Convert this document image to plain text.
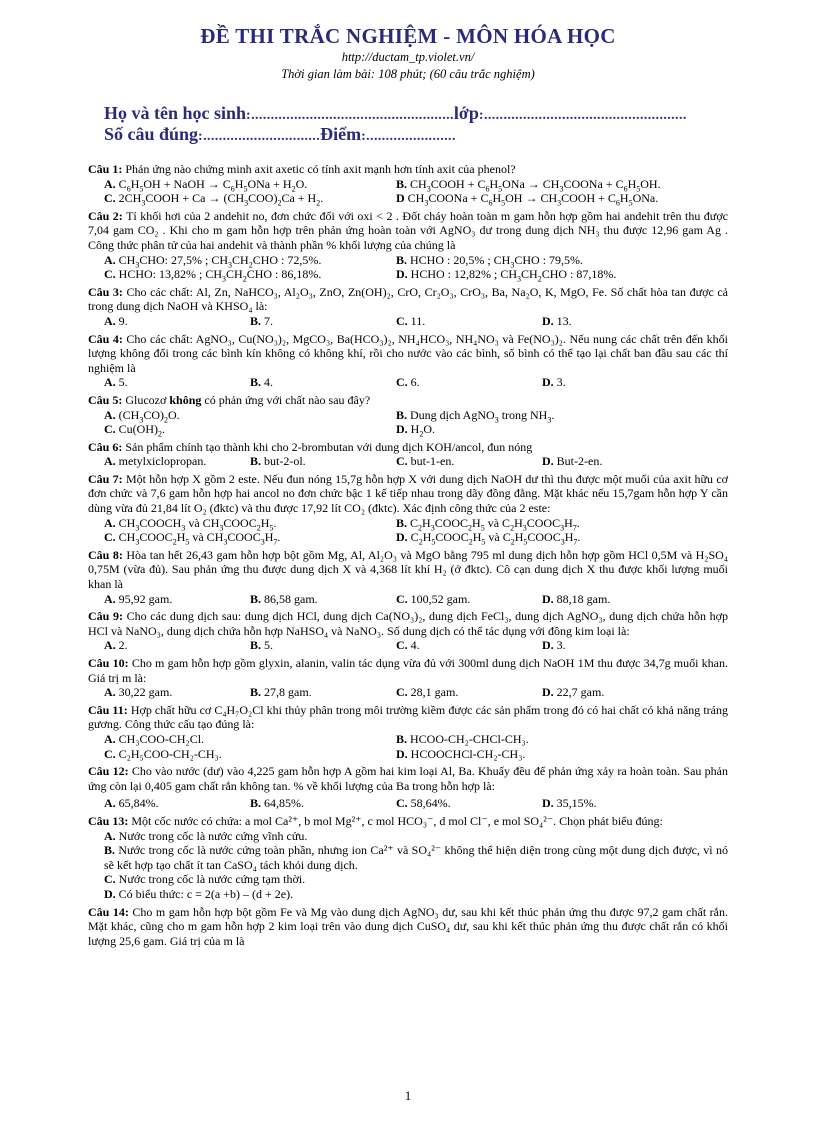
ĐỀ THI TRẮC NGHIỆM - MÔN HÓA HỌC
http://ductam_tp.violet.vn/
Thời gian làm bài: 108 phút; (60 câu trắc nghiệm)
Họ và tên học sinh:....................................................lớp:....................................................
Số câu đúng:..............................Điểm:.......................

Câu 1: Phản ứng nào chứng minh axit axetic có tính axit mạnh hơn tính axit của phenol?

A. $C_6H_5OH$ + NaOH → $C_6H_5ONa + H_2O$.	B. $CH_3COOH + C_6H_5ONa$ → $CH_3COONa + C_6H_5OH$.
C. $2CH_3COOH + Ca \to (CH_3COO)_2Ca + H_2$.	D $CH_3COONa + C_6H_5OH$ → $CH_3COOH + C_6H_5ONa$.

Câu 2: Tỉ khối hơi của 2 andehit no, đơn chức đối với oxi < 2 . Đốt cháy hoàn toàn m gam hỗn hợp gồm hai andehit trên thu được 7,04 gam CO₂ . Khi cho m gam hỗn hợp trên phản ứng hoàn toàn với AgNO₃ dư trong dung dịch NH₃ thu được 12,96 gam Ag . Công thức phân tử của hai andehit và thành phần % khối lượng của chúng là

A. $CH_3CHO$: 27,5% ; $CH_3CH_2CHO$ : 72,5%.	B. HCHO : 20,5% ; $CH_3CHO$ : 79,5%.
C. HCHO: 13,82% ; $CH_3CH_2CHO$ : 86,18%.	D. HCHO : 12,82% ; $CH_3CH_2CHO$ : 87,18%.

Câu 3: Cho các chất: Al, Zn, NaHCO₃, Al₂O₃, ZnO, Zn(OH)₂, CrO, Cr₂O₃, CrO₃, Ba, Na₂O, K, MgO, Fe. Số chất hòa tan được cả trong dung dịch NaOH và KHSO₄ là:

A. 9.	B. 7.	C. 11.	D. 13.

Câu 4: Cho các chất: AgNO₃, Cu(NO₃)₂, MgCO₃, Ba(HCO₃)₂, NH₄HCO₃, NH₄NO₃ và Fe(NO₃)₂. Nếu nung các chất trên đến khối lượng không đổi trong các bình kín không có không khí, rồi cho nước vào các bình, số bình có thể tạo lại chất ban đầu sau các thí nghiệm là

A. 5.	B. 4.	C. 6.	D. 3.

Câu 5: Glucozơ không có phản ứng với chất nào sau đây?

A. $(CH_3CO)_2O$.	B. Dung dịch AgNO$_3$ trong $NH_3$.
C. $Cu(OH)_2$.	D. $H_2O$.

Câu 6: Sản phẩm chính tạo thành khi cho 2-brombutan với dung dịch KOH/ancol, đun nóng

A. metylxiclopropan.	B. but-2-ol.	C. but-1-en.	D. But-2-en.

Câu 7: Một hỗn hợp X gồm 2 este. Nếu đun nóng 15,7g hỗn hợp X với dung dịch NaOH dư thì thu được một muối của axit hữu cơ đơn chức và 7,6 gam hỗn hợp hai ancol no đơn chức bậc 1 kế tiếp nhau trong dãy đồng đẳng. Mặt khác nếu 15,7gam hỗn hợp Y cần dùng vừa đủ 21,84 lít O₂ (đktc) và thu được 17,92 lít CO₂ (đktc). Xác định công thức của 2 este:

A. $CH_3COOCH_3$ và $CH_3COOC_2H_5$.	B. $C_2H_3COOC_2H_5$ và $C_2H_3COOC_3H_7$.
C. $CH_3COOC_2H_5$ và $CH_3COOC_3H_7$.	D. $C_2H_5COOC_2H_5$ và $C_2H_5COOC_3H_7$.

Câu 8: Hòa tan hết 26,43 gam hỗn hợp bột gồm Mg, Al, Al₂O₃ và MgO bằng 795 ml dung dịch hỗn hợp gồm HCl 0,5M và H₂SO₄ 0,75M (vừa đủ). Sau phản ứng thu được dung dịch X và 4,368 lít khí H₂ (ở đktc). Cô cạn dung dịch X thu được khối lượng muối khan là

A. 95,92 gam.	B. 86,58 gam.	C. 100,52 gam.	D. 88,18 gam.

Câu 9: Cho các dung dịch sau: dung dịch HCl, dung dịch Ca(NO₃)₂, dung dịch FeCl₃, dung dịch AgNO₃, dung dịch chứa hỗn hợp HCl và NaNO₃, dung dịch chứa hỗn hợp NaHSO₄ và NaNO₃. Số dung dịch có thể tác dụng với đồng kim loại là:

A. 2.	B. 5.	C. 4.	D. 3.

Câu 10: Cho m gam hỗn hợp gồm glyxin, alanin, valin tác dụng vừa đủ với 300ml dung dịch NaOH 1M thu được 34,7g muối khan. Giá trị m là:

A. 30,22 gam.	B. 27,8 gam.	C. 28,1 gam.	D. 22,7 gam.

Câu 11: Hợp chất hữu cơ C₄H₇O₂Cl khi thủy phân trong môi trường kiềm được các sản phẩm trong đó có hai chất có khả năng tráng gương. Công thức cấu tạo đúng là:

A. CH₃COO-CH₂Cl.	B. HCOO-CH₂-CHCl-CH₃.
C. C₂H₅COO-CH₂-CH₃.	D. HCOOCHCl-CH₂-CH₃.

Câu 12: Cho vào nước (dư) vào 4,225 gam hỗn hợp A gồm hai kim loại Al, Ba. Khuấy đều để phản ứng xảy ra hoàn toàn. Sau phản ứng còn lại 0,405 gam chất rắn không tan. % về khối lượng của Ba trong hỗn hợp là:

A. 65,84%.	B. 64,85%.	C. 58,64%.	D. 35,15%.

Câu 13: Một cốc nước có chứa: a mol Ca²⁺, b mol Mg²⁺, c mol HCO₃⁻, d mol Cl⁻, e mol SO₄²⁻. Chọn phát biểu đúng:

A. Nước trong cốc là nước cứng vĩnh cửu.
B. Nước trong cốc là nước cứng toàn phần, nhưng ion Ca²⁺ và SO₄²⁻ không thể hiện diện trong cùng một dung dịch được, vì nó sẽ kết hợp tạo chất ít tan CaSO₄ tách khỏi dung dịch.
C. Nước trong cốc là nước cứng tạm thời.
D. Có biểu thức: c = 2(a +b) – (d + 2e).

Câu 14: Cho m gam hỗn hợp bột gồm Fe và Mg vào dung dịch AgNO₃ dư, sau khi kết thúc phản ứng thu được 97,2 gam chất rắn. Mặt khác, cũng cho m gam hỗn hợp 2 kim loại trên vào dung dịch CuSO₄ dư, sau khi kết thúc phản ứng thu được chất rắn có khối lượng 25,6 gam. Giá trị của m là

1
